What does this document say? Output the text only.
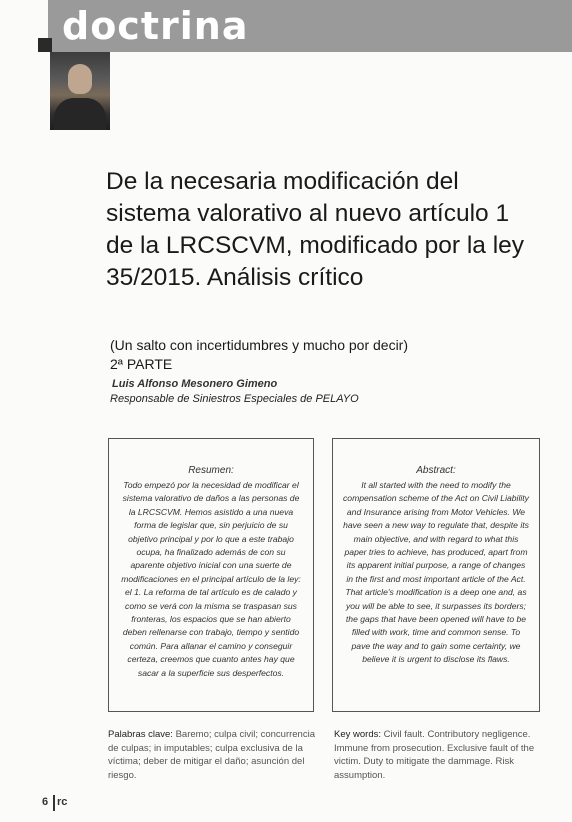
doctrina
De la necesaria modificación del sistema valorativo al nuevo artículo 1 de la LRCSCVM, modificado por la ley 35/2015. Análisis crítico
(Un salto con incertidumbres y mucho por decir)
2ª PARTE
Luis Alfonso Mesonero Gimeno
Responsable de Siniestros Especiales de PELAYO
Resumen:

Todo empezó por la necesidad de modificar el sistema valorativo de daños a las personas de la LRCSCVM. Hemos asistido a una nueva forma de legislar que, sin perjuicio de su objetivo principal y por lo que a este trabajo ocupa, ha finalizado además de con su aparente objetivo inicial con una suerte de modificaciones en el principal artículo de la ley: el 1. La reforma de tal artículo es de calado y como se verá con la misma se traspasan sus fronteras, los espacios que se han abierto deben rellenarse con trabajo, tiempo y sentido común. Para allanar el camino y conseguir certeza, creemos que cuanto antes hay que sacar a la superficie sus desperfectos.

Abstract:

It all started with the need to modify the compensation scheme of the Act on Civil Liability and Insurance arising from Motor Vehicles. We have seen a new way to regulate that, despite its main objective, and with regard to what this paper tries to achieve, has produced, apart from its apparent initial purpose, a range of changes in the first and most important article of the Act. That article's modification is a deep one and, as you will be able to see, it surpasses its borders; the gaps that have been opened will have to be filled with work, time and common sense. To pave the way and to gain some certainty, we believe it is urgent to disclose its flaws.

Palabras clave: Baremo; culpa civil; concurrencia de culpas; in imputables; culpa exclusiva de la víctima; deber de mitigar el daño; asunción del riesgo.
Key words: Civil fault. Contributory negligence. Immune from prosecution. Exclusive fault of the victim. Duty to mitigate the dammage. Risk assumption.
6 rc
